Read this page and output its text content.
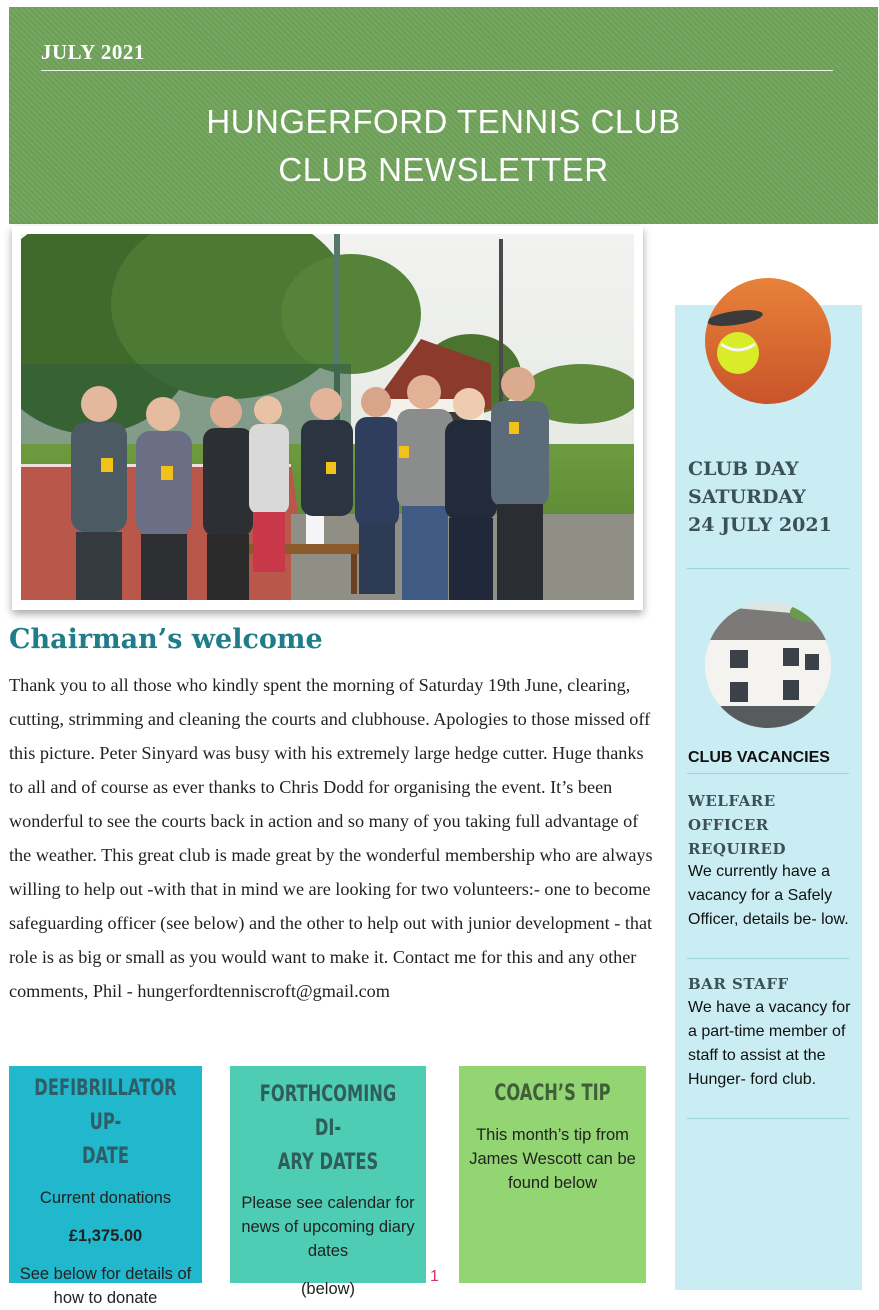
JULY 2021
HUNGERFORD TENNIS CLUB
CLUB NEWSLETTER
Chairman’s welcome

Thank you to all those who kindly spent the morning of Saturday 19th June, clearing, cutting, strimming and cleaning the courts and clubhouse. Apologies to those missed off this picture. Peter Sinyard was busy with his extremely large hedge cutter. Huge thanks to all and of course as ever thanks to Chris Dodd for organising the event. It’s been wonderful to see the courts back in action and so many of you taking full advantage of the weather. This great club is made great by the wonderful membership who are always willing to help out -with that in mind we are looking for two volunteers:- one to become safeguarding officer (see below) and the other to help out with junior development - that role is as big or small as you would want to make it. Contact me for this and any other comments, Phil - hungerfordtenniscroft@gmail.com

DEFIBRILLATOR UP-
DATE

Current donations

£1,375.00

See below for details of how to donate

FORTHCOMING DI-
ARY DATES

Please see calendar for news of upcoming diary dates

(below)

COACH’S TIP

This month’s tip from James Wescott can be found below

1
CLUB DAY
SATURDAY
24 JULY 2021
CLUB VACANCIES
WELFARE
OFFICER
REQUIRED

We currently have a vacancy for a Safely Officer, details be- low.

BAR STAFF

We have a vacancy for a part-time member of staff to assist at the Hunger- ford club.
